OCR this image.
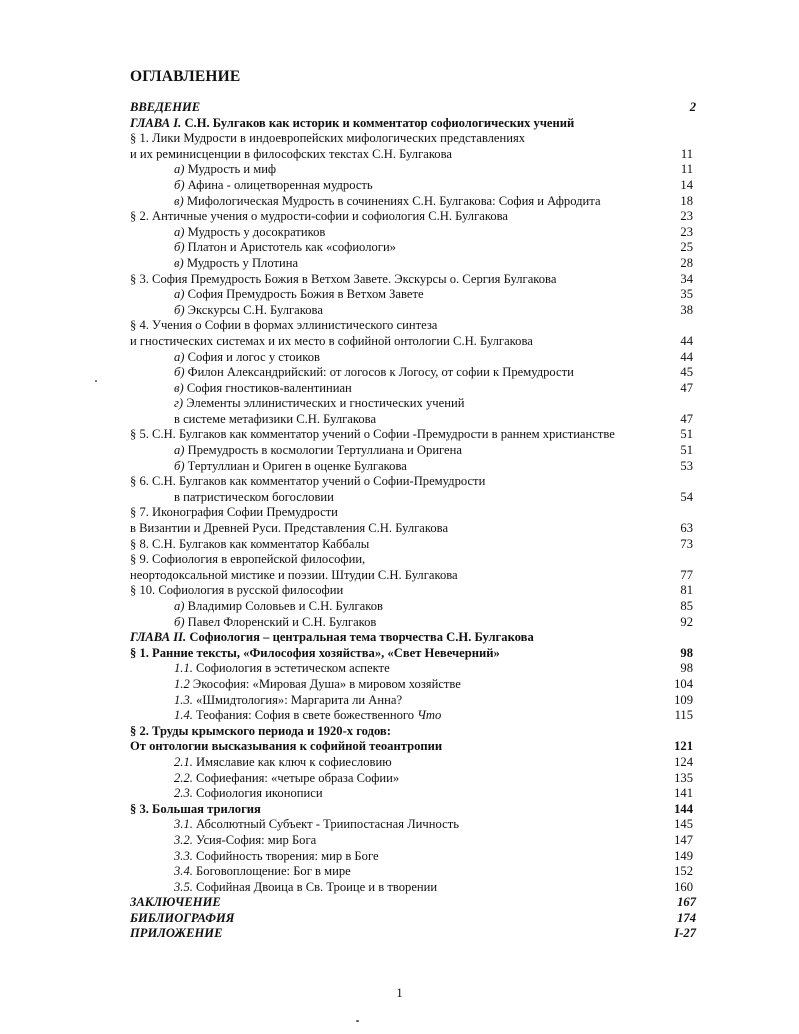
ОГЛАВЛЕНИЕ
ВВЕДЕНИЕ	2
ГЛАВА I. С.Н. Булгаков как историк и комментатор софиологических учений
§ 1. Лики Мудрости в индоевропейских мифологических представлениях
и их реминисценции в философских текстах С.Н. Булгакова	11
а) Мудрость и миф	11
б) Афина - олицетворенная мудрость	14
в) Мифологическая Мудрость в сочинениях С.Н. Булгакова: София и Афродита	18
§ 2. Античные учения о мудрости-софии и софиология С.Н. Булгакова	23
а) Мудрость у досократиков	23
б) Платон и Аристотель как «софиологи»	25
в) Мудрость у Плотина	28
§ 3. София Премудрость Божия в Ветхом Завете. Экскурсы о. Сергия Булгакова	34
а) София Премудрость Божия в Ветхом Завете	35
б) Экскурсы С.Н. Булгакова	38
§ 4. Учения о Софии в формах эллинистического синтеза
и гностических системах и их место в софийной онтологии С.Н. Булгакова	44
а) София и логос у стоиков	44
б) Филон Александрийский: от логосов к Логосу, от софии к Премудрости	45
в) София гностиков-валентиниан	47
г) Элементы эллинистических и гностических учений
в системе метафизики С.Н. Булгакова	47
§ 5. С.Н. Булгаков как комментатор учений о Софии -Премудрости в раннем христианстве	51
а) Премудрость в космологии Тертуллиана и Оригена	51
б) Тертуллиан и Ориген в оценке Булгакова	53
§ 6. С.Н. Булгаков как комментатор учений о Софии-Премудрости
в патристическом богословии	54
§ 7. Иконография Софии Премудрости
в Византии и Древней Руси. Представления С.Н. Булгакова	63
§ 8. С.Н. Булгаков как комментатор Каббалы	73
§ 9. Софиология в европейской философии,
неортодоксальной мистике и поэзии. Штудии С.Н. Булгакова	77
§ 10. Софиология в русской философии	81
а) Владимир Соловьев и С.Н. Булгаков	85
б) Павел Флоренский и С.Н. Булгаков	92
ГЛАВА II. Софиология – центральная тема творчества С.Н. Булгакова
§ 1. Ранние тексты, «Философия хозяйства», «Свет Невечерний»	98
1.1. Софиология в эстетическом аспекте	98
1.2 Экософия: «Мировая Душа» в мировом хозяйстве	104
1.3. «Шмидтология»: Маргарита ли Анна?	109
1.4. Теофания: София в свете божественного Что	115
§ 2. Труды крымского периода и 1920-х годов:
От онтологии высказывания к софийной теоантропии	121
2.1. Имяславие как ключ к софиесловию	124
2.2. Софиефания: «четыре образа Софии»	135
2.3. Софиология иконописи	141
§ 3. Большая трилогия	144
3.1. Абсолютный Субъект - Триипостасная Личность	145
3.2. Усия-София: мир Бога	147
3.3. Софийность творения: мир в Боге	149
3.4. Боговоплощение: Бог в мире	152
3.5. Софийная Двоица в Св. Троице и в творении	160
ЗАКЛЮЧЕНИЕ	167
БИБЛИОГРАФИЯ	174
ПРИЛОЖЕНИЕ	I-27
1
